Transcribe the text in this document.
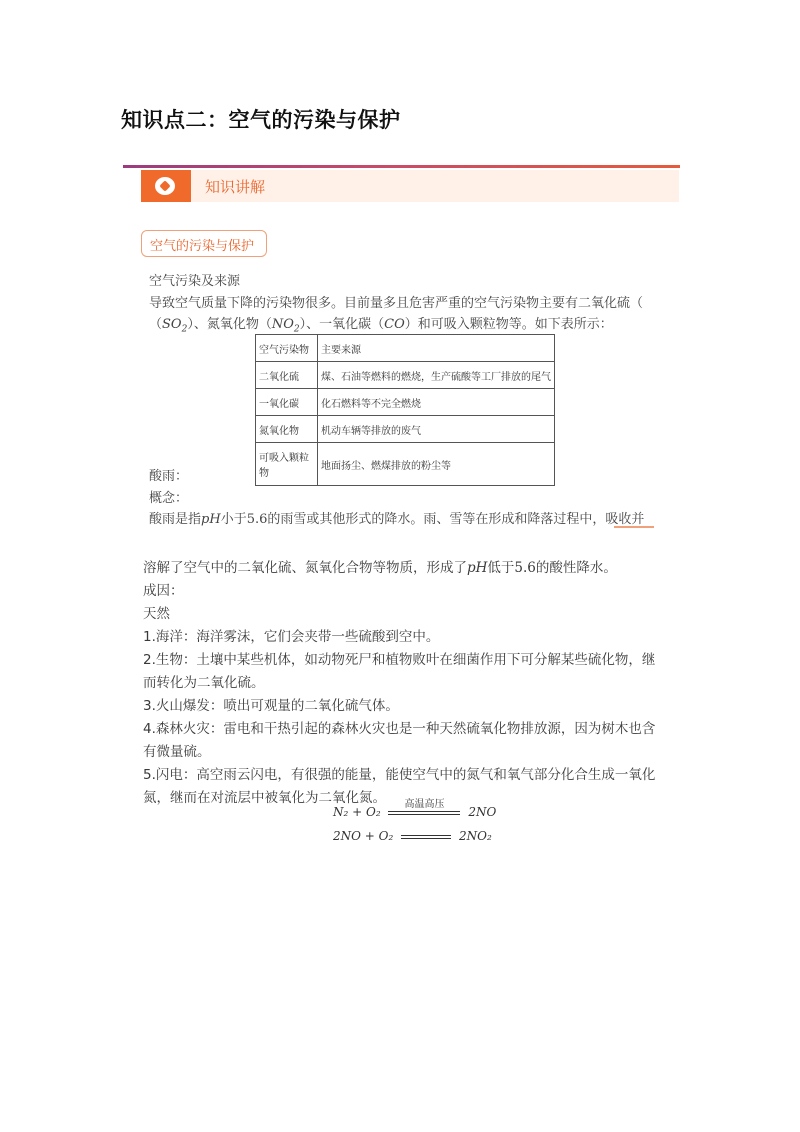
知识点二：空气的污染与保护
知识讲解
空气的污染与保护
空气污染及来源
导致空气质量下降的污染物很多。目前量多且危害严重的空气污染物主要有二氧化硫（
$(SO_2)$、氮氧化物$(NO_2)$、一氧化碳（CO）和可吸入颗粒物等。如下表所示：
空气污染物	主要来源
二氧化硫	煤、石油等燃料的燃烧，生产硫酸等工厂排放的尾气
一氧化碳	化石燃料等不完全燃烧
氮氧化物	机动车辆等排放的废气
可吸入颗粒物	地面扬尘、燃煤排放的粉尘等
酸雨：
概念：
酸雨是指pH小于5.6的雨雪或其他形式的降水。雨、雪等在形成和降落过程中，吸收并
溶解了空气中的二氧化硫、氮氧化合物等物质，形成了pH低于5.6的酸性降水。
成因：
天然
1.海洋：海洋雾沫，它们会夹带一些硫酸到空中。
2.生物：土壤中某些机体，如动物死尸和植物败叶在细菌作用下可分解某些硫化物，继
而转化为二氧化硫。
3.火山爆发：喷出可观量的二氧化硫气体。
4.森林火灾：雷电和干热引起的森林火灾也是一种天然硫氧化物排放源，因为树木也含
有微量硫。
5.闪电：高空雨云闪电，有很强的能量，能使空气中的氮气和氧气部分化合生成一氧化
氮，继而在对流层中被氧化为二氧化氮。
N₂ + O₂
高温高压
2NO
2NO + O₂	2NO₂
